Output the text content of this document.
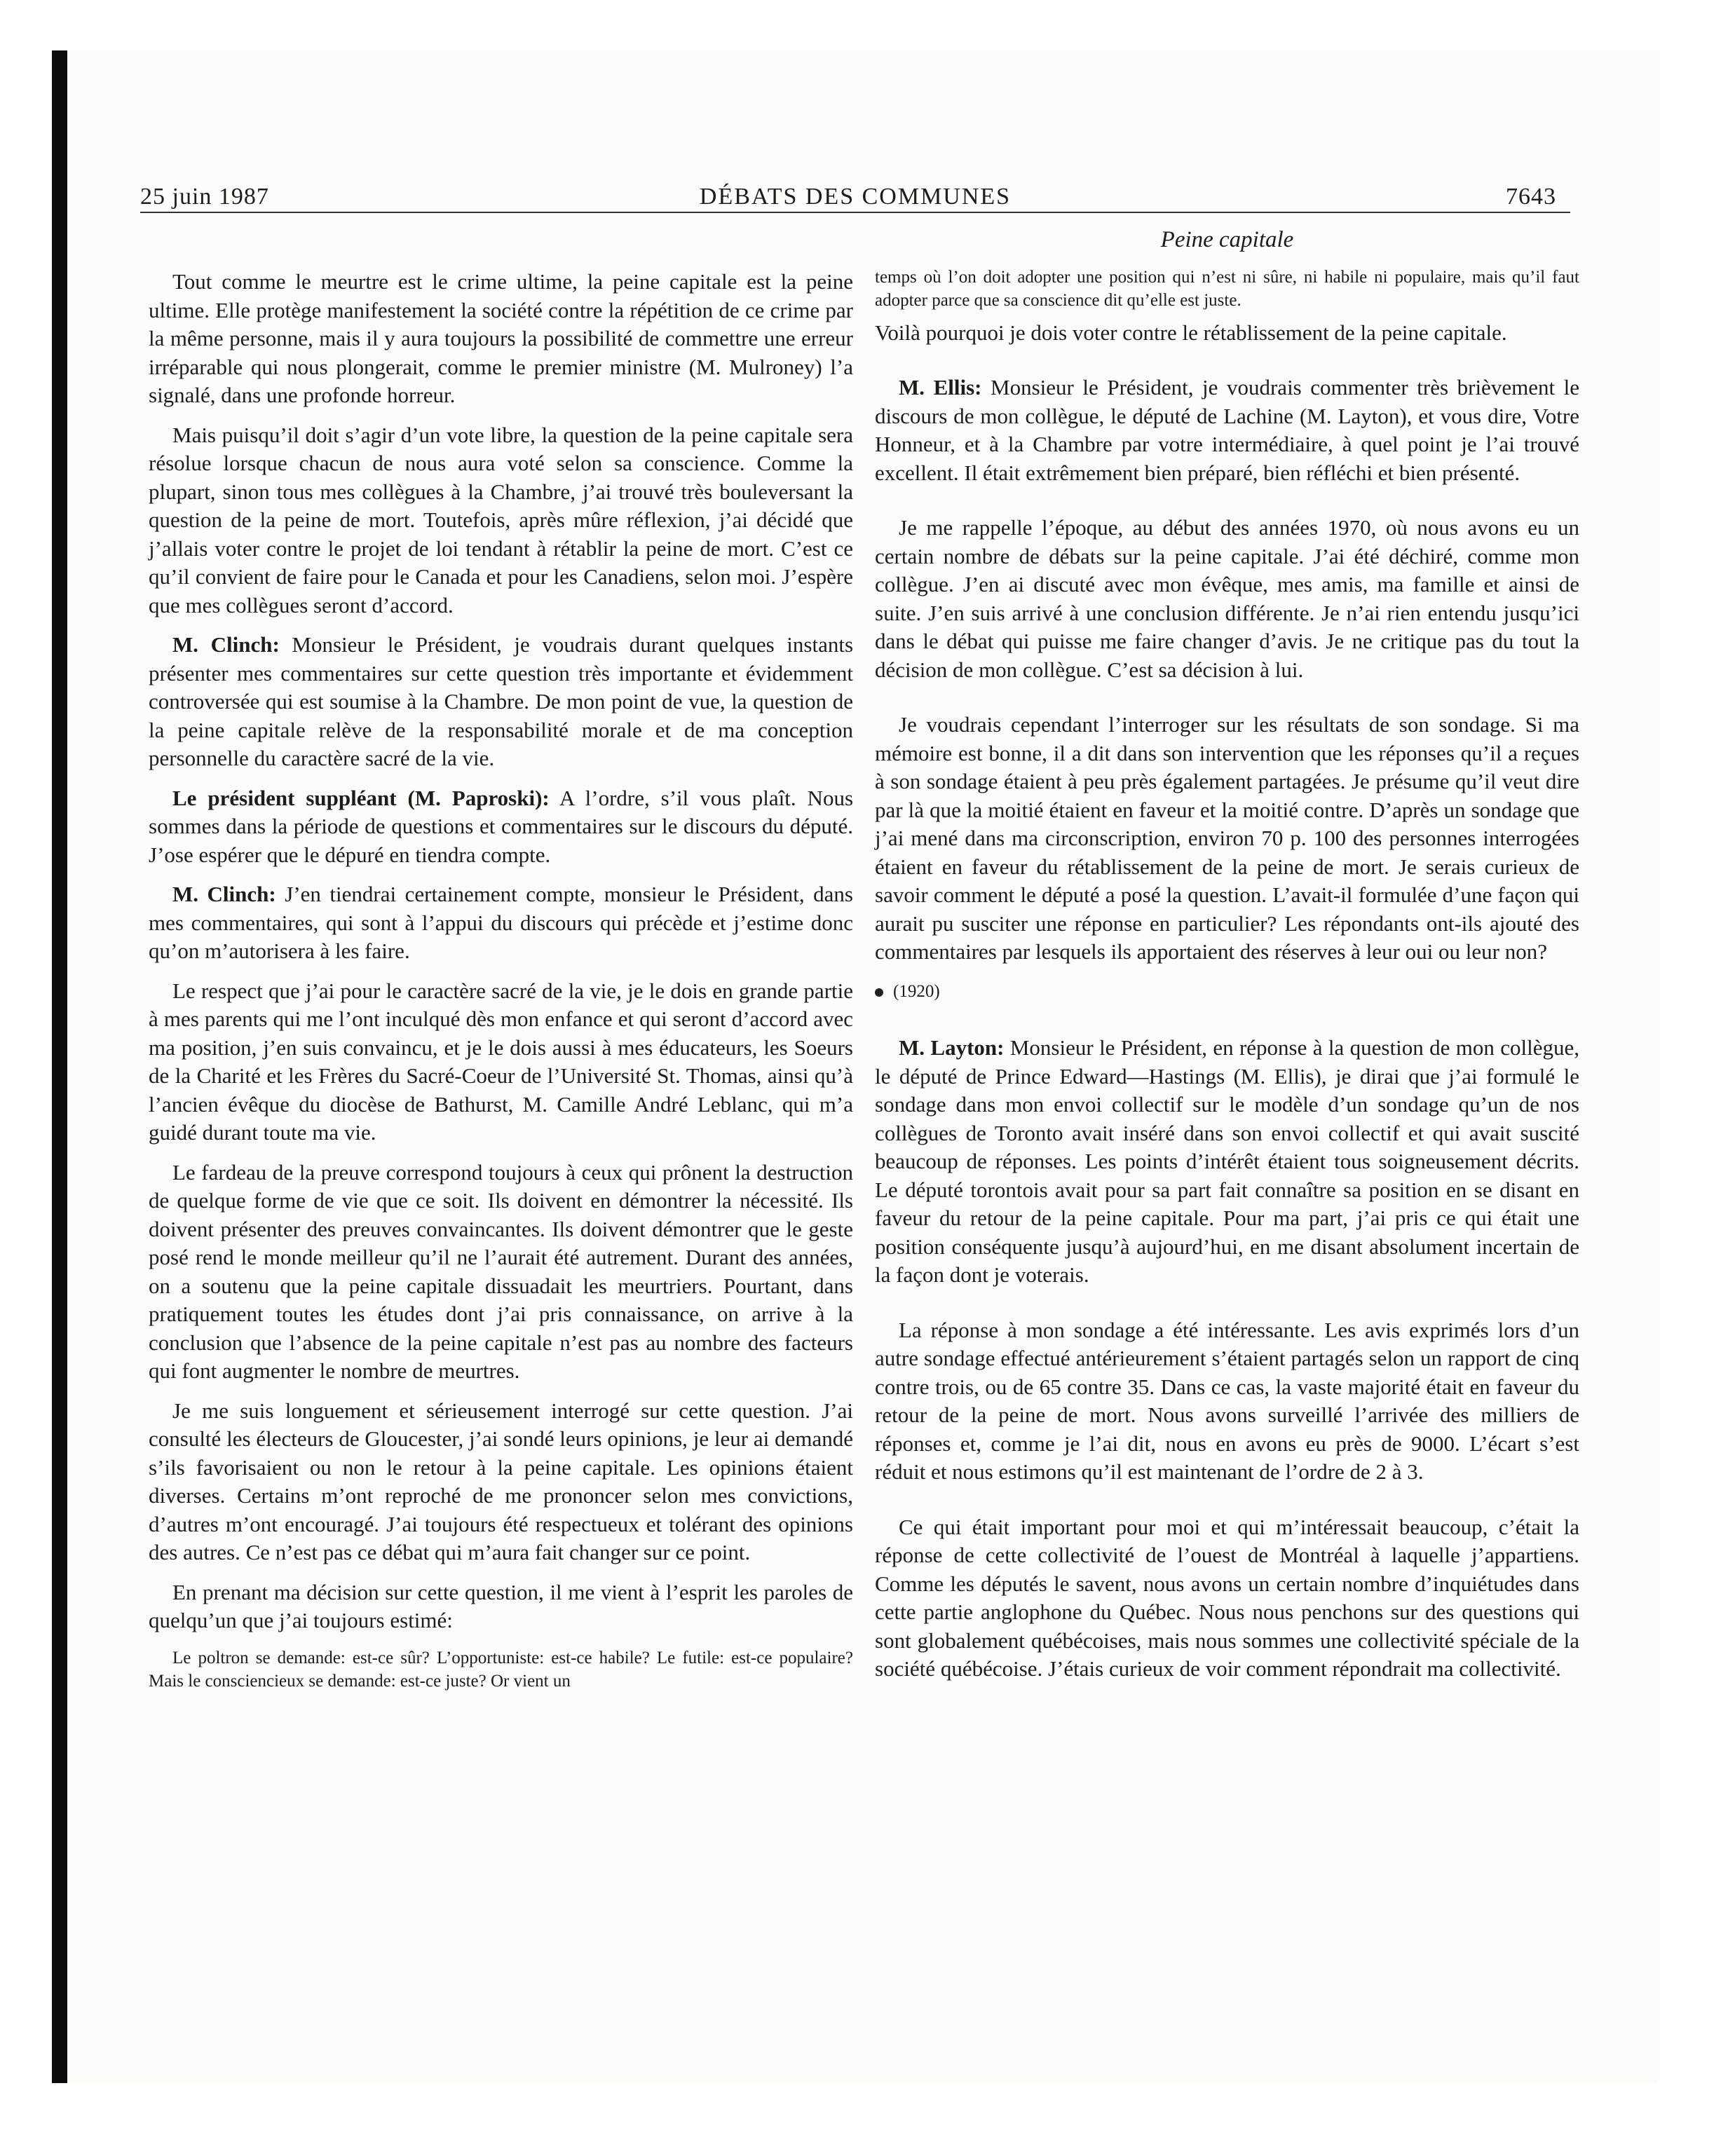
25 juin 1987	DÉBATS DES COMMUNES	7643

Tout comme le meurtre est le crime ultime, la peine capitale est la peine ultime. Elle protège manifestement la société contre la répétition de ce crime par la même personne, mais il y aura toujours la possibilité de commettre une erreur irréparable qui nous plongerait, comme le premier ministre (M. Mulroney) l’a signalé, dans une profonde horreur.

Mais puisqu’il doit s’agir d’un vote libre, la question de la peine capitale sera résolue lorsque chacun de nous aura voté selon sa conscience. Comme la plupart, sinon tous mes collègues à la Chambre, j’ai trouvé très bouleversant la question de la peine de mort. Toutefois, après mûre réflexion, j’ai décidé que j’allais voter contre le projet de loi tendant à rétablir la peine de mort. C’est ce qu’il convient de faire pour le Canada et pour les Canadiens, selon moi. J’espère que mes collègues seront d’accord.

M. Clinch: Monsieur le Président, je voudrais durant quelques instants présenter mes commentaires sur cette question très importante et évidemment controversée qui est soumise à la Chambre. De mon point de vue, la question de la peine capitale relève de la responsabilité morale et de ma conception personnelle du caractère sacré de la vie.

Le président suppléant (M. Paproski): A l’ordre, s’il vous plaît. Nous sommes dans la période de questions et commentaires sur le discours du député. J’ose espérer que le dépuré en tiendra compte.

M. Clinch: J’en tiendrai certainement compte, monsieur le Président, dans mes commentaires, qui sont à l’appui du discours qui précède et j’estime donc qu’on m’autorisera à les faire.

Le respect que j’ai pour le caractère sacré de la vie, je le dois en grande partie à mes parents qui me l’ont inculqué dès mon enfance et qui seront d’accord avec ma position, j’en suis convaincu, et je le dois aussi à mes éducateurs, les Soeurs de la Charité et les Frères du Sacré-Coeur de l’Université St. Thomas, ainsi qu’à l’ancien évêque du diocèse de Bathurst, M. Camille André Leblanc, qui m’a guidé durant toute ma vie.

Le fardeau de la preuve correspond toujours à ceux qui prônent la destruction de quelque forme de vie que ce soit. Ils doivent en démontrer la nécessité. Ils doivent présenter des preuves convaincantes. Ils doivent démontrer que le geste posé rend le monde meilleur qu’il ne l’aurait été autrement. Durant des années, on a soutenu que la peine capitale dissuadait les meurtriers. Pourtant, dans pratiquement toutes les études dont j’ai pris connaissance, on arrive à la conclusion que l’absence de la peine capitale n’est pas au nombre des facteurs qui font augmenter le nombre de meurtres.

Je me suis longuement et sérieusement interrogé sur cette question. J’ai consulté les électeurs de Gloucester, j’ai sondé leurs opinions, je leur ai demandé s’ils favorisaient ou non le retour à la peine capitale. Les opinions étaient diverses. Certains m’ont reproché de me prononcer selon mes convictions, d’autres m’ont encouragé. J’ai toujours été respectueux et tolérant des opinions des autres. Ce n’est pas ce débat qui m’aura fait changer sur ce point.

En prenant ma décision sur cette question, il me vient à l’esprit les paroles de quelqu’un que j’ai toujours estimé:

Le poltron se demande: est-ce sûr? L’opportuniste: est-ce habile? Le futile: est-ce populaire? Mais le consciencieux se demande: est-ce juste? Or vient un

Peine capitale

temps où l’on doit adopter une position qui n’est ni sûre, ni habile ni populaire, mais qu’il faut adopter parce que sa conscience dit qu’elle est juste.

Voilà pourquoi je dois voter contre le rétablissement de la peine capitale.

M. Ellis: Monsieur le Président, je voudrais commenter très brièvement le discours de mon collègue, le député de Lachine (M. Layton), et vous dire, Votre Honneur, et à la Chambre par votre intermédiaire, à quel point je l’ai trouvé excellent. Il était extrêmement bien préparé, bien réfléchi et bien présenté.

Je me rappelle l’époque, au début des années 1970, où nous avons eu un certain nombre de débats sur la peine capitale. J’ai été déchiré, comme mon collègue. J’en ai discuté avec mon évêque, mes amis, ma famille et ainsi de suite. J’en suis arrivé à une conclusion différente. Je n’ai rien entendu jusqu’ici dans le débat qui puisse me faire changer d’avis. Je ne critique pas du tout la décision de mon collègue. C’est sa décision à lui.

Je voudrais cependant l’interroger sur les résultats de son sondage. Si ma mémoire est bonne, il a dit dans son intervention que les réponses qu’il a reçues à son sondage étaient à peu près également partagées. Je présume qu’il veut dire par là que la moitié étaient en faveur et la moitié contre. D’après un sondage que j’ai mené dans ma circonscription, environ 70 p. 100 des personnes interrogées étaient en faveur du rétablissement de la peine de mort. Je serais curieux de savoir comment le député a posé la question. L’avait-il formulée d’une façon qui aurait pu susciter une réponse en particulier? Les répondants ont-ils ajouté des commentaires par lesquels ils apportaient des réserves à leur oui ou leur non?

(1920)

M. Layton: Monsieur le Président, en réponse à la question de mon collègue, le député de Prince Edward—Hastings (M. Ellis), je dirai que j’ai formulé le sondage dans mon envoi collectif sur le modèle d’un sondage qu’un de nos collègues de Toronto avait inséré dans son envoi collectif et qui avait suscité beaucoup de réponses. Les points d’intérêt étaient tous soigneusement décrits. Le député torontois avait pour sa part fait connaître sa position en se disant en faveur du retour de la peine capitale. Pour ma part, j’ai pris ce qui était une position conséquente jusqu’à aujourd’hui, en me disant absolument incertain de la façon dont je voterais.

La réponse à mon sondage a été intéressante. Les avis exprimés lors d’un autre sondage effectué antérieurement s’étaient partagés selon un rapport de cinq contre trois, ou de 65 contre 35. Dans ce cas, la vaste majorité était en faveur du retour de la peine de mort. Nous avons surveillé l’arrivée des milliers de réponses et, comme je l’ai dit, nous en avons eu près de 9000. L’écart s’est réduit et nous estimons qu’il est maintenant de l’ordre de 2 à 3.

Ce qui était important pour moi et qui m’intéressait beaucoup, c’était la réponse de cette collectivité de l’ouest de Montréal à laquelle j’appartiens. Comme les députés le savent, nous avons un certain nombre d’inquiétudes dans cette partie anglophone du Québec. Nous nous penchons sur des questions qui sont globalement québécoises, mais nous sommes une collectivité spéciale de la société québécoise. J’étais curieux de voir comment répondrait ma collectivité.
